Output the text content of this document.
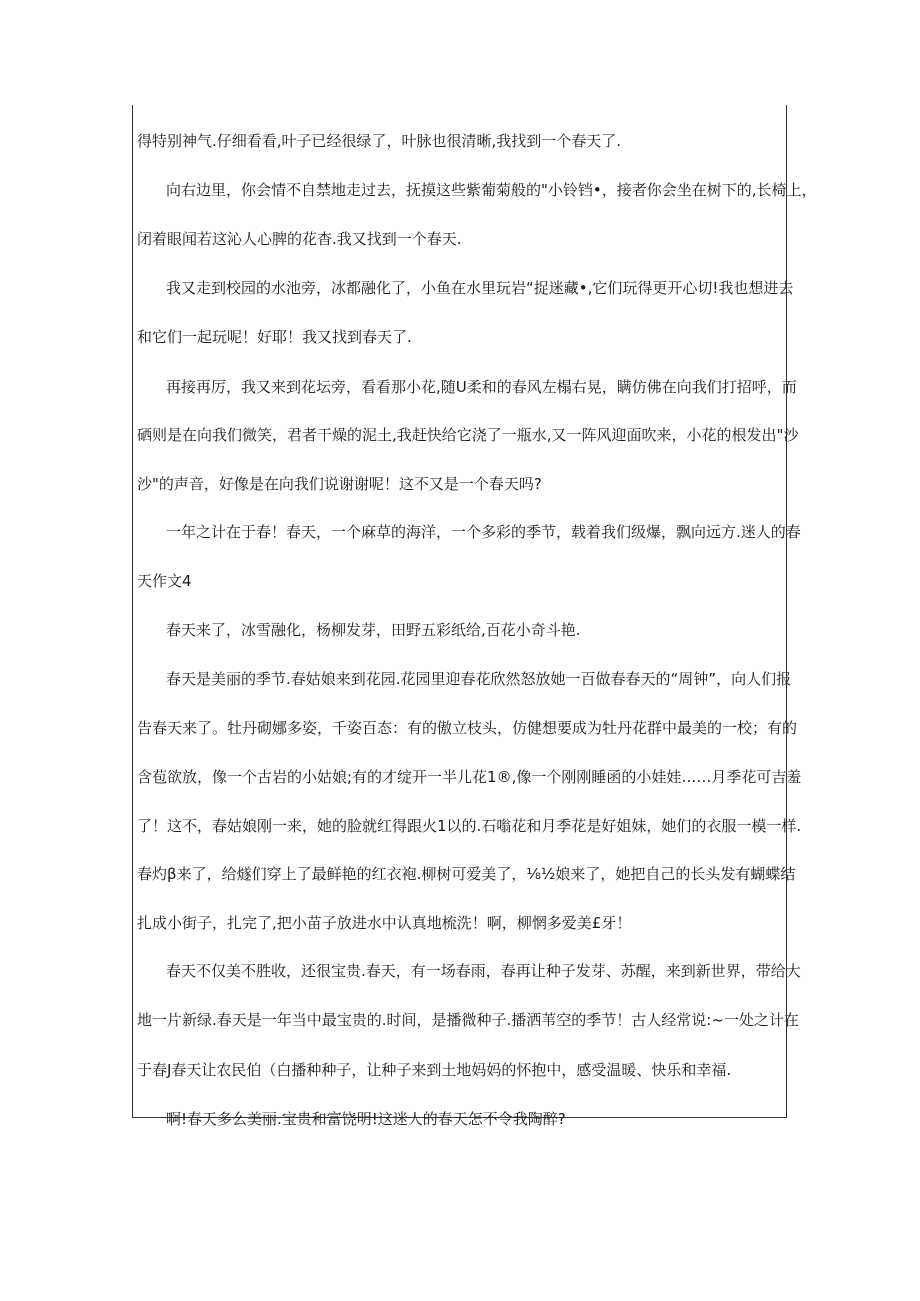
得特别神气.仔细看看,叶子已经很绿了，叶脉也很清晰,我找到一个春天了.
向右边里，你会情不自禁地走过去，抚摸这些紫葡菊般的"小铃铛•，接者你会坐在树下的,长椅上，
闭着眼闻若这沁人心脾的花杳.我又找到一个春天.
我又走到校园的水池旁，冰都融化了，小鱼在水里玩岩“捉迷藏•,它们玩得更开心切!我也想进去
和它们一起玩呢！好耶！我又找到春天了.
再接再厉，我又来到花坛旁，看看那小花,随U柔和的春风左榻右晃，瞒仿佛在向我们打招呼，而
硒则是在向我们微笑，君者干燥的泥土,我赶快给它浇了一瓶水,又一阵风迎面吹来，小花的根发出"沙
沙"的声音，好像是在向我们说谢谢呢！这不又是一个春天吗?
一年之计在于春！春天，一个麻草的海洋，一个多彩的季节，载着我们级爆，飘向远方.迷人的春
天作文4
春天来了，冰雪融化，杨柳发芽，田野五彩纸给,百花小奇斗艳.
春天是美丽的季节.春姑娘来到花园.花园里迎春花欣然怒放她一百做春春天的“周钟”，向人们报
告春天来了。牡丹砌娜多姿，千姿百态：有的傲立枝头，仿健想要成为牡丹花群中最美的一校；有的
含苞欲放，像一个古岩的小姑娘;有的才绽开一半儿花1®,像一个刚刚睡函的小娃娃……月季花可吉羞
了！这不，春姑娘刚一来，她的脸就红得跟火1以的.石嗡花和月季花是好姐妹，她们的衣服一模一样.
春灼β来了，给燧们穿上了最鲜艳的红衣袍.柳树可爱美了，⅛½娘来了，她把自己的长头发有蝴蝶结
扎成小街子，扎完了,把小苗子放进水中认真地梳洗！啊，柳惘多爱美£牙！
春天不仅美不胜收，还很宝贵.春天，有一场春雨，春再让种子发芽、苏醒，来到新世界，带给大
地一片新绿.春天是一年当中最宝贵的.时间，是播微种子.播洒苇空的季节！古人经常说:~一处之计在
于春J春天让农民伯（白播种种子，让种子来到土地妈妈的怀抱中，感受温暖、快乐和幸福.
啊!春天多么美丽.宝贵和富饶明!这迷人的春天怎不令我陶醉?
